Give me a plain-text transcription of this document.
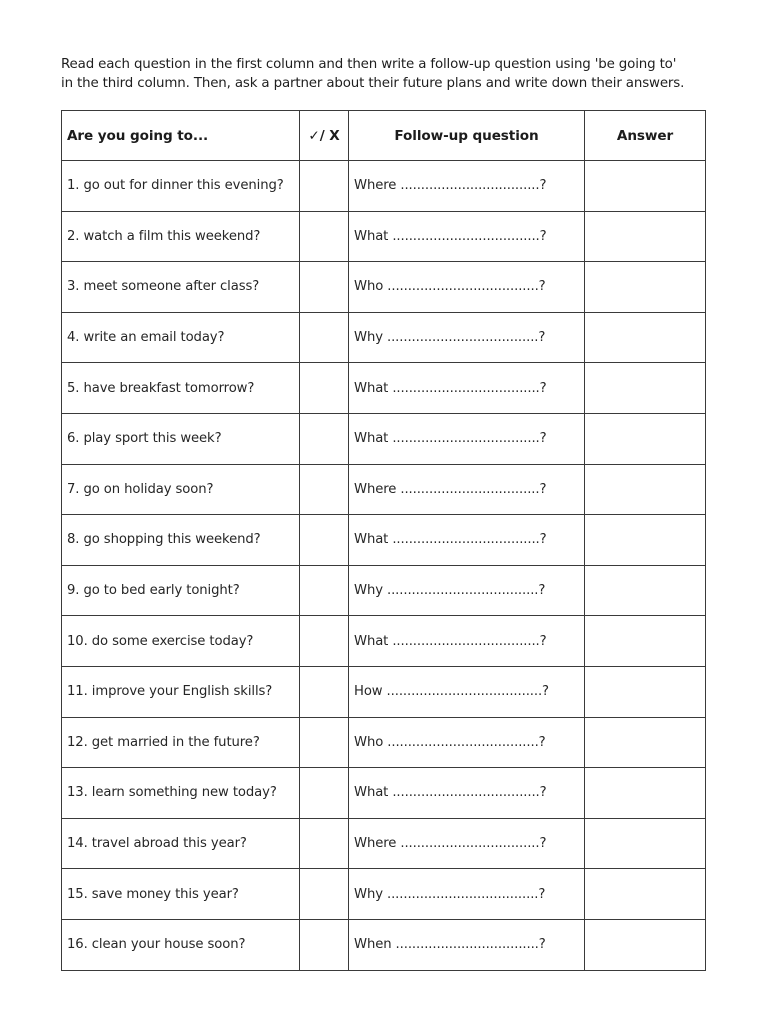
Read each question in the first column and then write a follow-up question using 'be going to'
in the third column. Then, ask a partner about their future plans and write down their answers.
Are you going to...	✓/ X	Follow-up question	Answer
1. go out for dinner this evening?		Where ..................................?	
2. watch a film this weekend?		What ....................................?	
3. meet someone after class?		Who .....................................?	
4. write an email today?		Why .....................................?	
5. have breakfast tomorrow?		What ....................................?	
6. play sport this week?		What ....................................?	
7. go on holiday soon?		Where ..................................?	
8. go shopping this weekend?		What ....................................?	
9. go to bed early tonight?		Why .....................................?	
10. do some exercise today?		What ....................................?	
11. improve your English skills?		How ......................................?	
12. get married in the future?		Who .....................................?	
13. learn something new today?		What ....................................?	
14. travel abroad this year?		Where ..................................?	
15. save money this year?		Why .....................................?	
16. clean your house soon?		When ...................................?	
